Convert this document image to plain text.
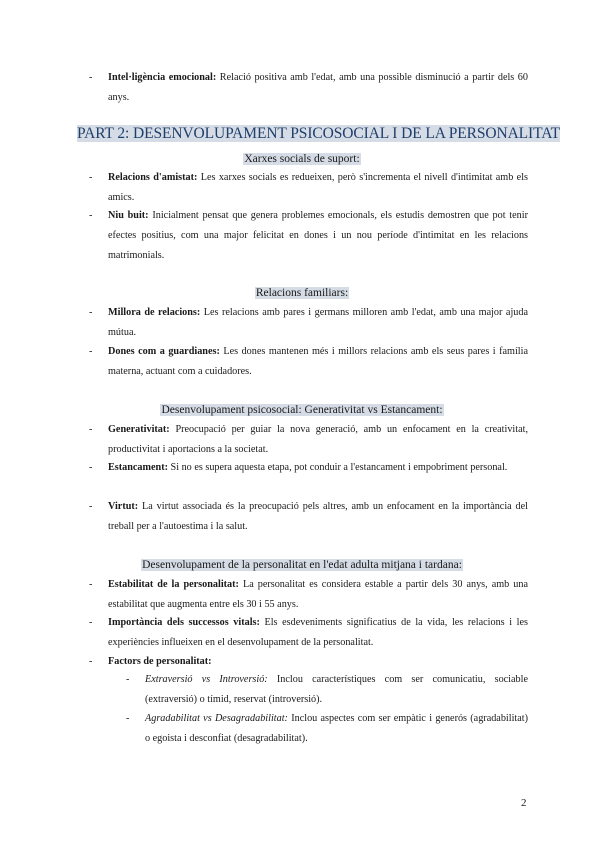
- Intel·ligència emocional: Relació positiva amb l'edat, amb una possible disminució a partir dels 60 anys.
PART 2: DESENVOLUPAMENT PSICOSOCIAL I DE LA PERSONALITAT
Xarxes socials de suport:
- Relacions d'amistat: Les xarxes socials es redueixen, però s'incrementa el nivell d'intimitat amb els amics.
- Niu buit: Inicialment pensat que genera problemes emocionals, els estudis demostren que pot tenir efectes positius, com una major felicitat en dones i un nou període d'intimitat en les relacions matrimonials.
Relacions familiars:
- Millora de relacions: Les relacions amb pares i germans milloren amb l'edat, amb una major ajuda mútua.
- Dones com a guardianes: Les dones mantenen més i millors relacions amb els seus pares i família materna, actuant com a cuidadores.
Desenvolupament psicosocial: Generativitat vs Estancament:
- Generativitat: Preocupació per guiar la nova generació, amb un enfocament en la creativitat, productivitat i aportacions a la societat.
- Estancament: Si no es supera aquesta etapa, pot conduir a l'estancament i empobriment personal.
- Virtut: La virtut associada és la preocupació pels altres, amb un enfocament en la importància del treball per a l'autoestima i la salut.
Desenvolupament de la personalitat en l'edat adulta mitjana i tardana:
- Estabilitat de la personalitat: La personalitat es considera estable a partir dels 30 anys, amb una estabilitat que augmenta entre els 30 i 55 anys.
- Importància dels successos vitals: Els esdeveniments significatius de la vida, les relacions i les experiències influeixen en el desenvolupament de la personalitat.
- Factors de personalitat:
- Extraversió vs Introversió: Inclou característiques com ser comunicatiu, sociable (extraversió) o tímid, reservat (introversió).
- Agradabilitat vs Desagradabilitat: Inclou aspectes com ser empàtic i generós (agradabilitat) o egoista i desconfiat (desagradabilitat).
2
